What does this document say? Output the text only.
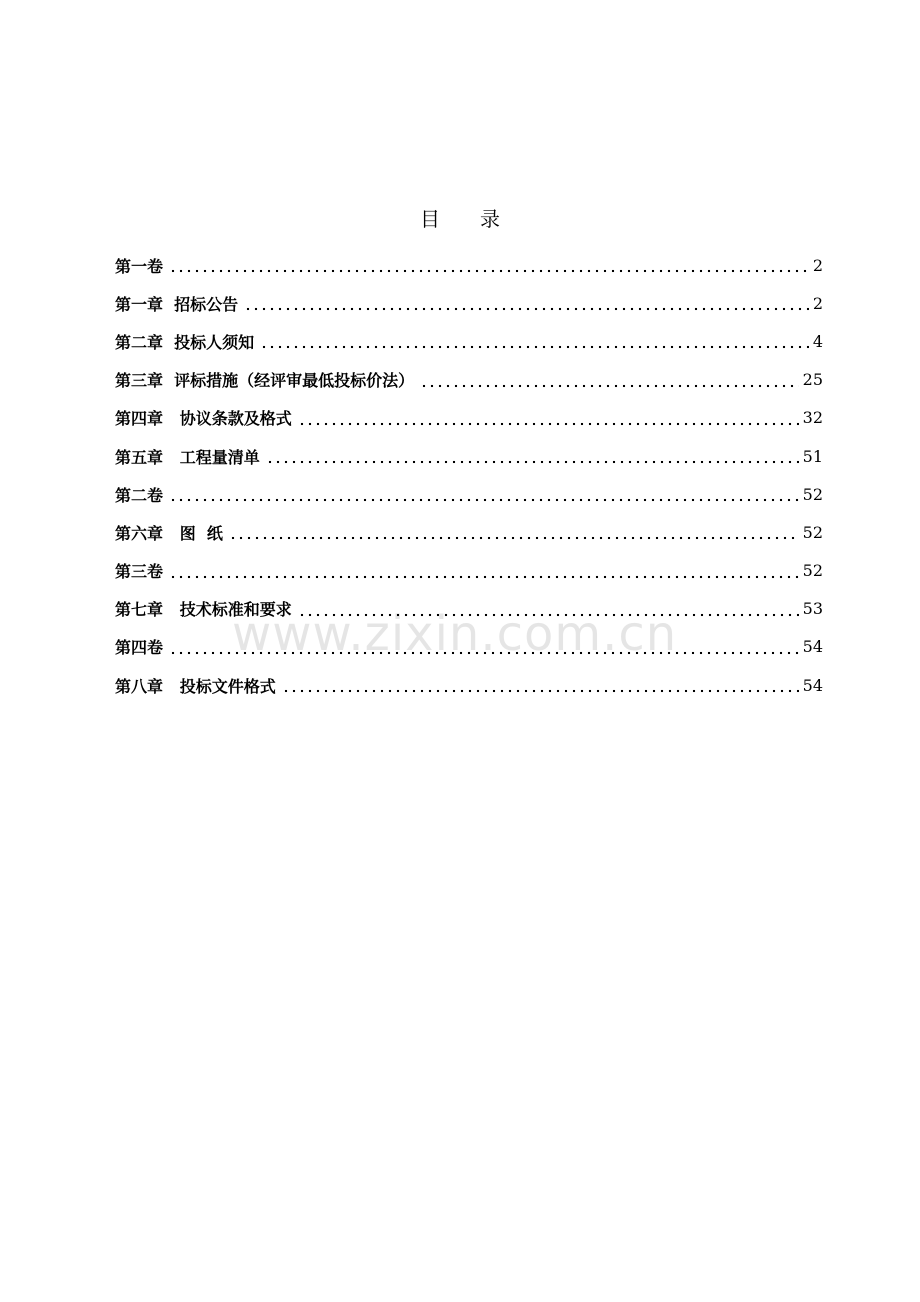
目　　录
第一卷	2
第一章  招标公告	2
第二章  投标人须知	4
第三章  评标措施（经评审最低投标价法）	25
第四章   协议条款及格式	32
第五章   工程量清单	51
第二卷	52
第六章   图  纸	52
第三卷	52
第七章   技术标准和要求	53
第四卷	54
第八章   投标文件格式	54
www.zixin.com.cn
